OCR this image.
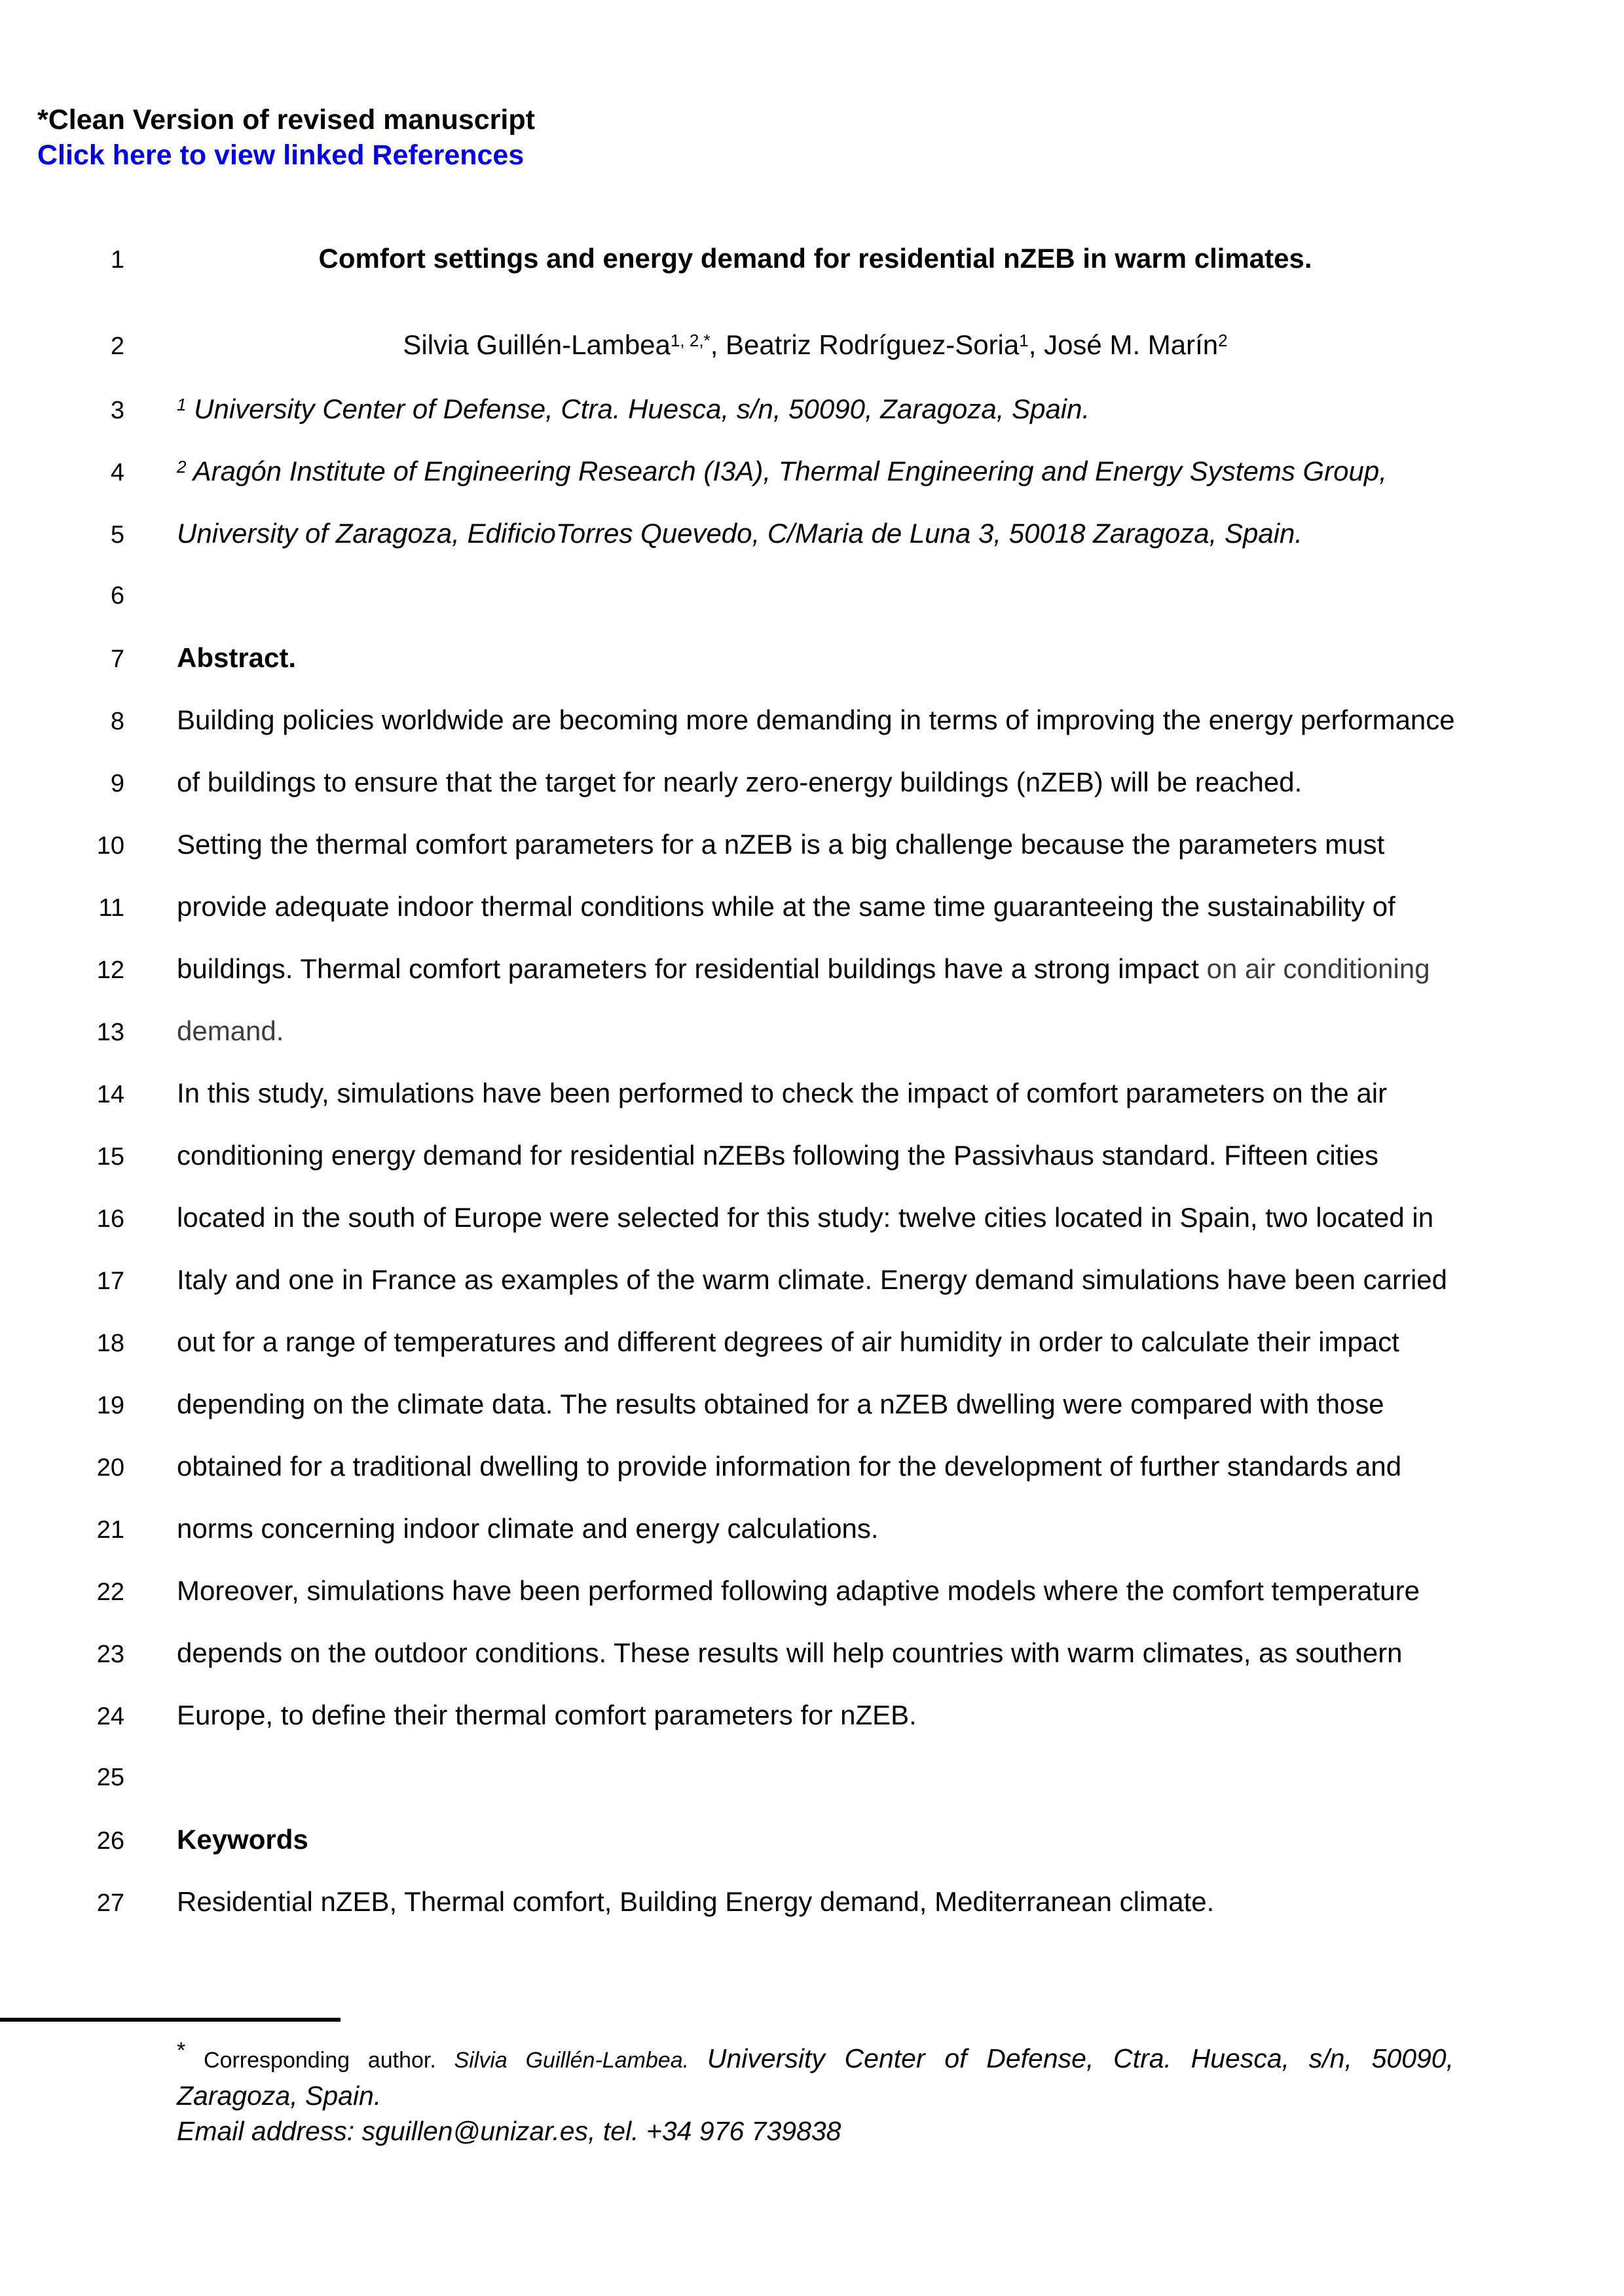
*Clean Version of revised manuscript
Click here to view linked References
1	Comfort settings and energy demand for residential nZEB in warm climates.
2	Silvia Guillén-Lambea$^{1, 2,*}$, Beatriz Rodríguez-Soria$^1$, José M. Marín$^2$
3	$^1$ University Center of Defense, Ctra. Huesca, s/n, 50090, Zaragoza, Spain.
4	$^2$ Aragón Institute of Engineering Research (I3A), Thermal Engineering and Energy Systems Group,
5 University of Zaragoza, EdificioTorres Quevedo, C/Maria de Luna 3, 50018 Zaragoza, Spain.
6
7 Abstract.
8 Building policies worldwide are becoming more demanding in terms of improving the energy performance
9 of buildings to ensure that the target for nearly zero-energy buildings (nZEB) will be reached.
10 Setting the thermal comfort parameters for a nZEB is a big challenge because the parameters must
11 provide adequate indoor thermal conditions while at the same time guaranteeing the sustainability of
12 buildings. Thermal comfort parameters for residential buildings have a strong impact on air conditioning
13 demand.
14 In this study, simulations have been performed to check the impact of comfort parameters on the air
15 conditioning energy demand for residential nZEBs following the Passivhaus standard. Fifteen cities
16 located in the south of Europe were selected for this study: twelve cities located in Spain, two located in
17 Italy and one in France as examples of the warm climate. Energy demand simulations have been carried
18 out for a range of temperatures and different degrees of air humidity in order to calculate their impact
19 depending on the climate data. The results obtained for a nZEB dwelling were compared with those
20 obtained for a traditional dwelling to provide information for the development of further standards and
21 norms concerning indoor climate and energy calculations.
22 Moreover, simulations have been performed following adaptive models where the comfort temperature
23 depends on the outdoor conditions. These results will help countries with warm climates, as southern
24 Europe, to define their thermal comfort parameters for nZEB.
25
26 Keywords
27 Residential nZEB, Thermal comfort, Building Energy demand, Mediterranean climate.
* Corresponding author. Silvia Guillén-Lambea. University Center of Defense, Ctra. Huesca, s/n, 50090,
Zaragoza, Spain.
Email address: sguillen@unizar.es, tel. +34 976 739838
